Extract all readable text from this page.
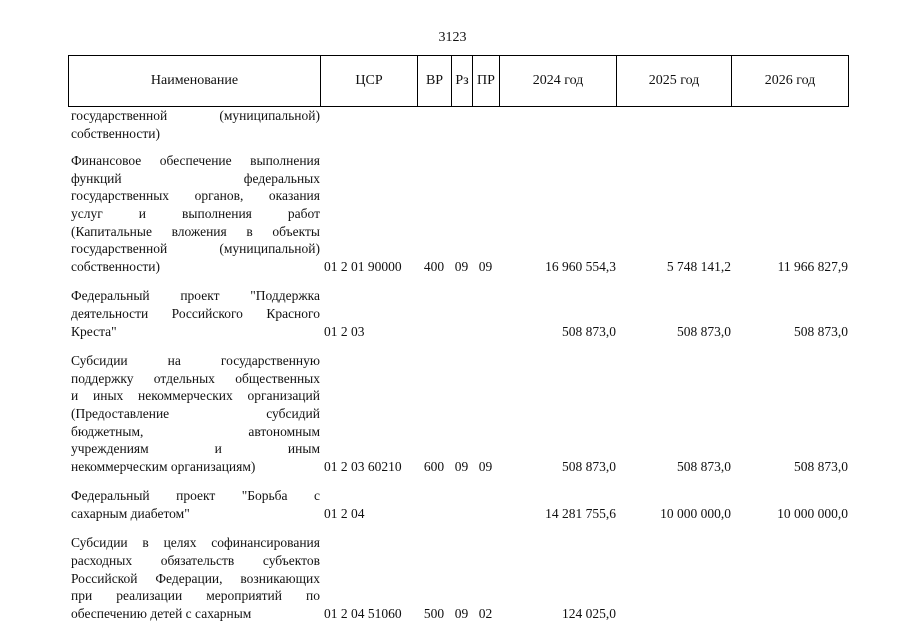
3123
Наименование	ЦСР	ВР Рз ПР	2024 год	2025 год	2026 год
государственной (муниципальной)
собственности)
Финансовое обеспечение выполнения
функций федеральных
государственных органов, оказания
услуг и выполнения работ
(Капитальные вложения в объекты
государственной (муниципальной)
собственности)	01 2 01 90000	400 09 09	16 960 554,3	5 748 141,2	11 966 827,9
Федеральный проект "Поддержка
деятельности Российского Красного
Креста"	01 2 03	508 873,0	508 873,0	508 873,0
Субсидии на государственную
поддержку отдельных общественных
и иных некоммерческих организаций
(Предоставление субсидий
бюджетным, автономным
учреждениям и иным
некоммерческим организациям)	01 2 03 60210	600 09 09	508 873,0	508 873,0	508 873,0
Федеральный проект "Борьба с
сахарным диабетом"	01 2 04	14 281 755,6	10 000 000,0	10 000 000,0
Субсидии в целях софинансирования
расходных обязательств субъектов
Российской Федерации, возникающих
при реализации мероприятий по
обеспечению детей с сахарным	01 2 04 51060	500 09 02	124 025,0
